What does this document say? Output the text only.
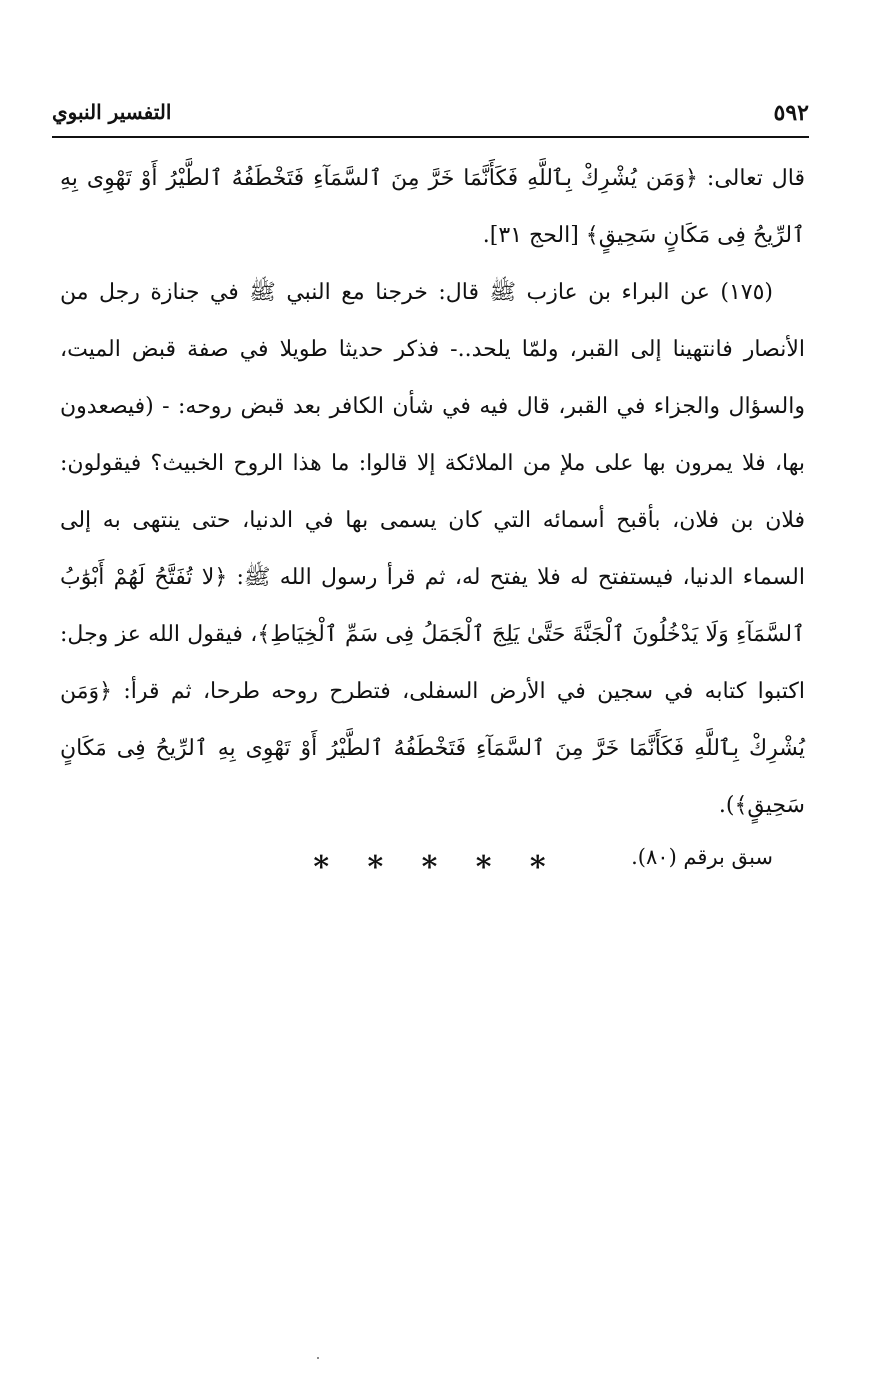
٥٩٢
التفسير النبوي

قال تعالى: ﴿وَمَن يُشْرِكْ بِٱللَّهِ فَكَأَنَّمَا خَرَّ مِنَ ٱلسَّمَآءِ فَتَخْطَفُهُ ٱلطَّيْرُ أَوْ تَهْوِى بِهِ ٱلرِّيحُ فِى مَكَانٍ سَحِيقٍ﴾ [الحج ٣١].

(١٧٥) عن البراء بن عازب ﷺ قال: خرجنا مع النبي ﷺ في جنازة رجل من الأنصار فانتهينا إلى القبر، ولمّا يلحد..- فذكر حديثا طويلا في صفة قبض الميت، والسؤال والجزاء في القبر، قال فيه في شأن الكافر بعد قبض روحه: - (فيصعدون بها، فلا يمرون بها على ملإ من الملائكة إلا قالوا: ما هذا الروح الخبيث؟ فيقولون: فلان بن فلان، بأقبح أسمائه التي كان يسمى بها في الدنيا، حتى ينتهى به إلى السماء الدنيا، فيستفتح له فلا يفتح له، ثم قرأ رسول الله ﷺ: ﴿لا تُفَتَّحُ لَهُمْ أَبْوَٰبُ ٱلسَّمَآءِ وَلَا يَدْخُلُونَ ٱلْجَنَّةَ حَتَّىٰ يَلِجَ ٱلْجَمَلُ فِى سَمِّ ٱلْخِيَاطِ﴾، فيقول الله عز وجل: اكتبوا كتابه في سجين في الأرض السفلى، فتطرح روحه طرحا، ثم قرأ: ﴿وَمَن يُشْرِكْ بِٱللَّهِ فَكَأَنَّمَا خَرَّ مِنَ ٱلسَّمَآءِ فَتَخْطَفُهُ ٱلطَّيْرُ أَوْ تَهْوِى بِهِ ٱلرِّيحُ فِى مَكَانٍ سَحِيقٍ﴾).

سبق برقم (٨٠).

* * * * *
